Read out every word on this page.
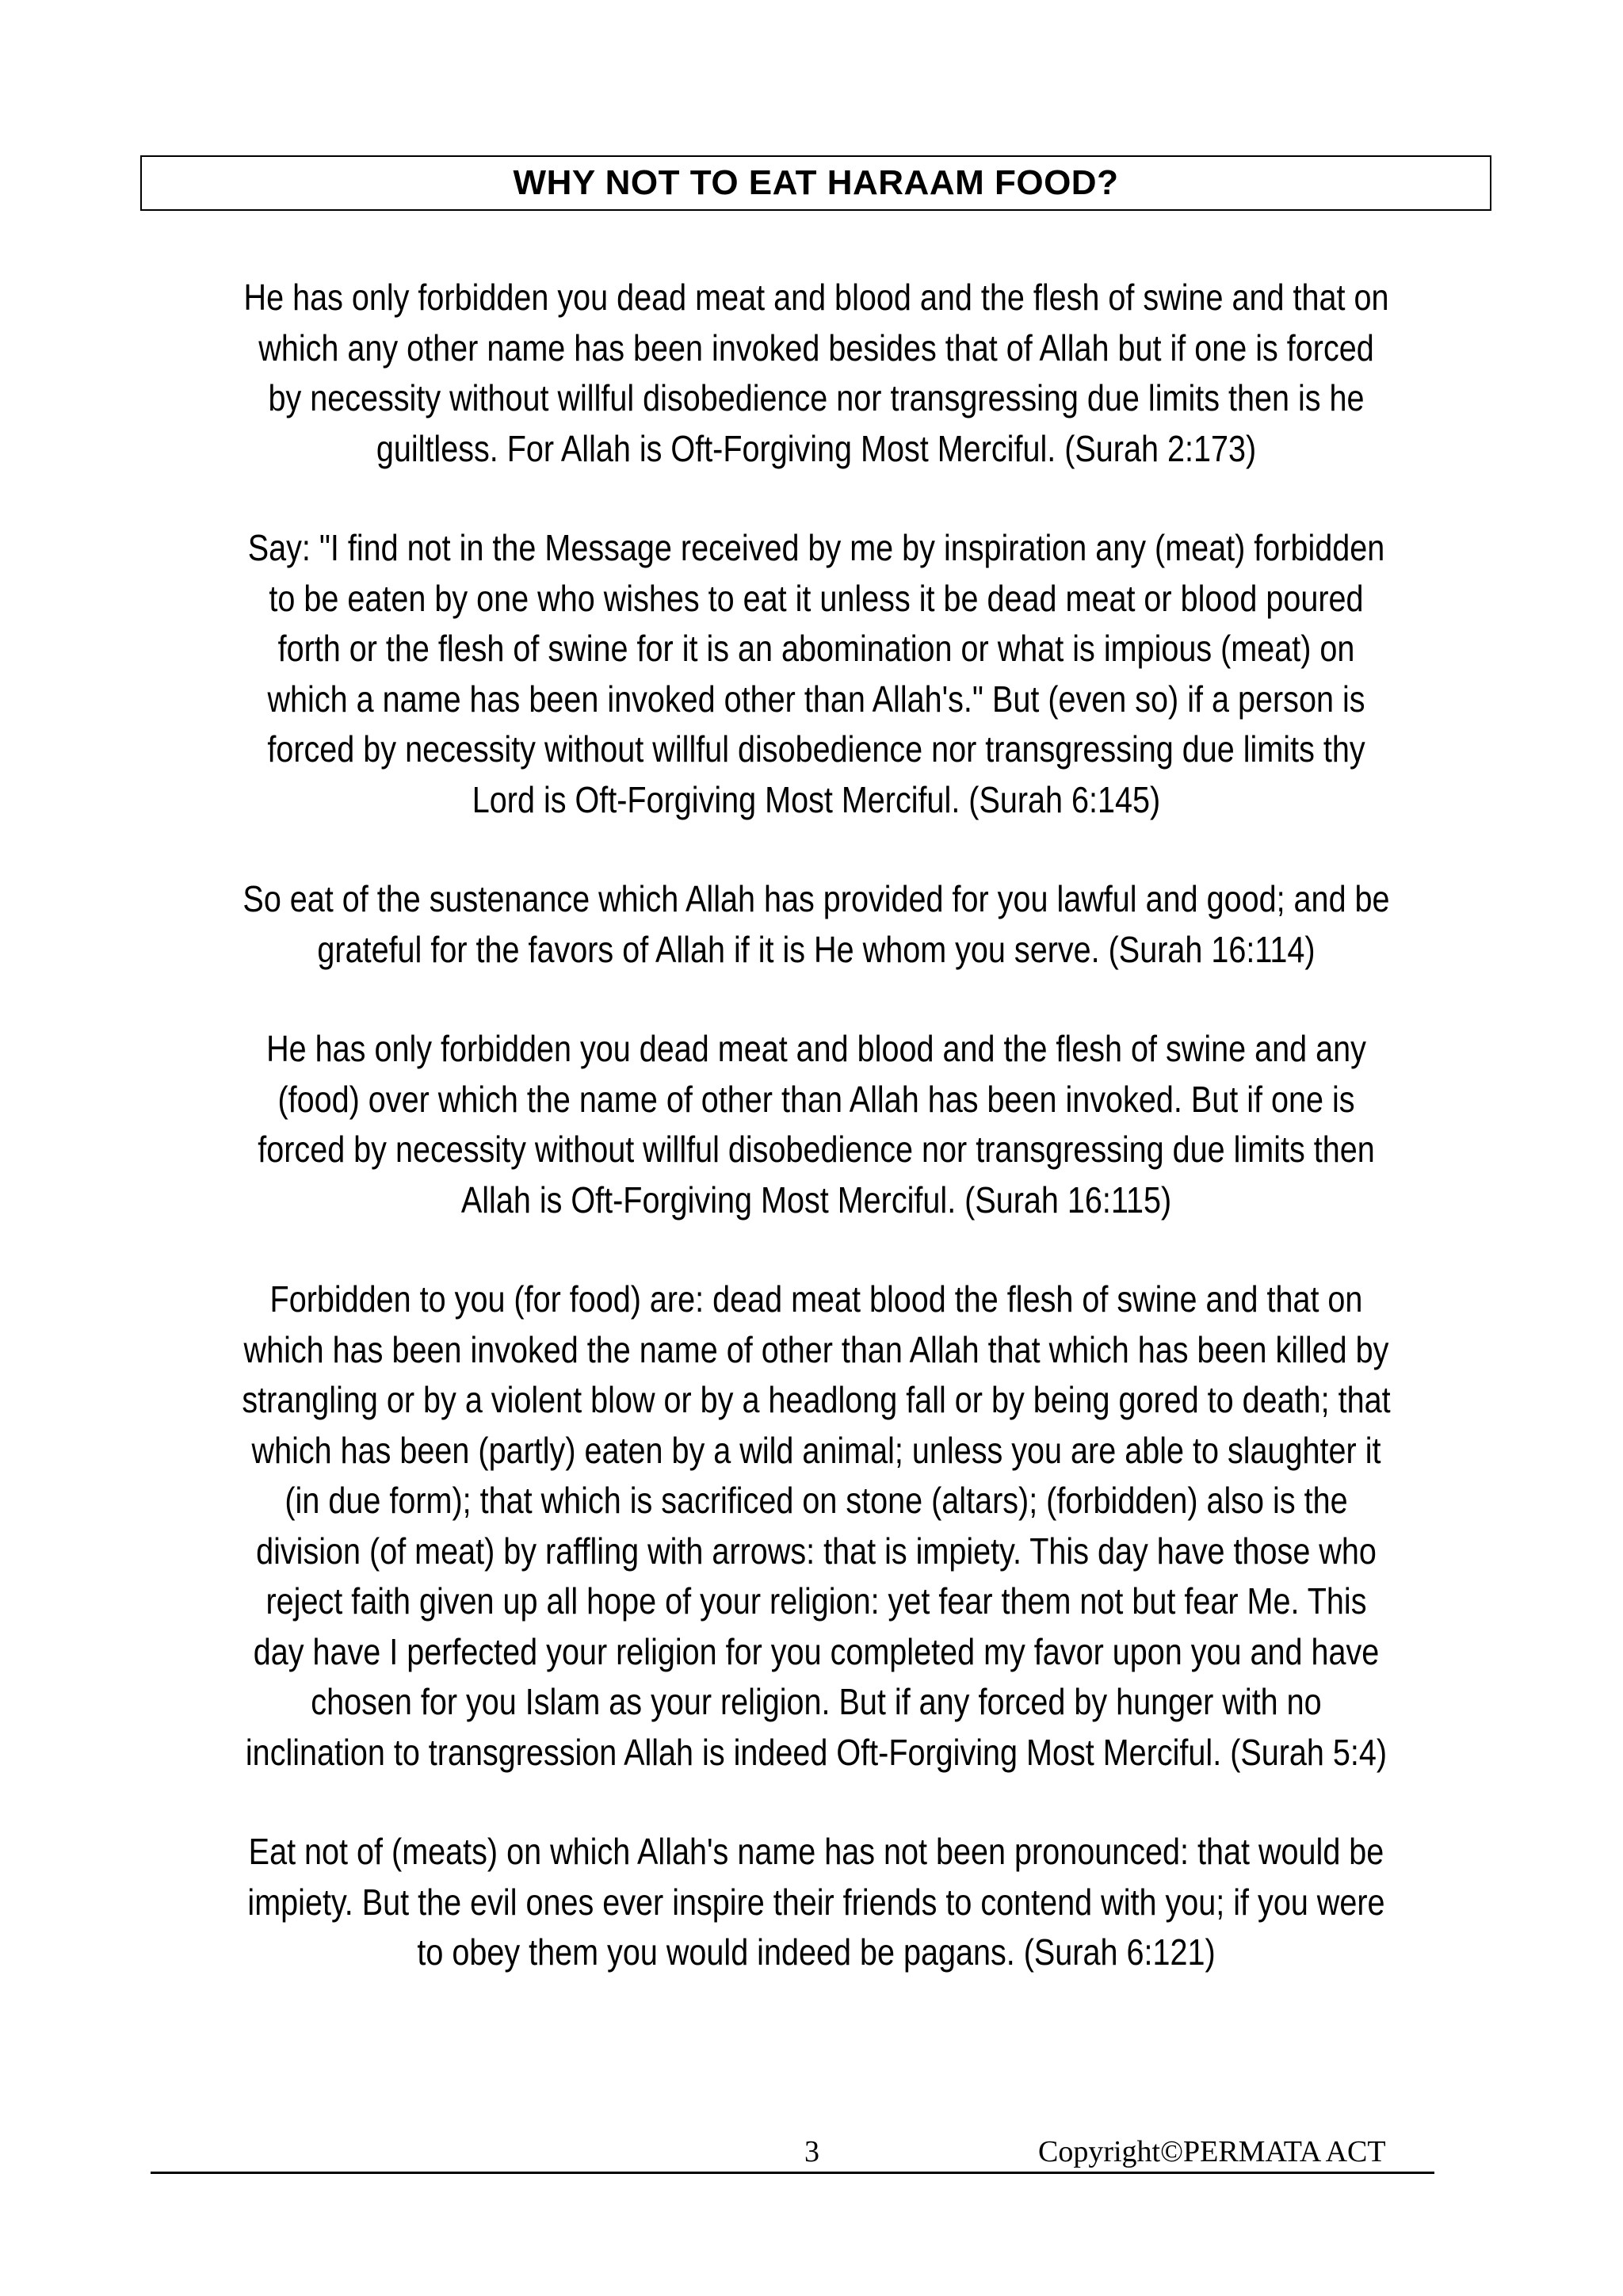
WHY NOT TO EAT HARAAM FOOD?

He has only forbidden you dead meat and blood and the flesh of swine and that on
which any other name has been invoked besides that of Allah but if one is forced
by necessity without willful disobedience nor transgressing due limits then is he
guiltless. For Allah is Oft-Forgiving Most Merciful. (Surah 2:173)

Say: "I find not in the Message received by me by inspiration any (meat) forbidden
to be eaten by one who wishes to eat it unless it be dead meat or blood poured
forth or the flesh of swine for it is an abomination or what is impious (meat) on
which a name has been invoked other than Allah's." But (even so) if a person is
forced by necessity without willful disobedience nor transgressing due limits thy
Lord is Oft-Forgiving Most Merciful. (Surah 6:145)

So eat of the sustenance which Allah has provided for you lawful and good; and be
grateful for the favors of Allah if it is He whom you serve. (Surah 16:114)

He has only forbidden you dead meat and blood and the flesh of swine and any
(food) over which the name of other than Allah has been invoked. But if one is
forced by necessity without willful disobedience nor transgressing due limits then
Allah is Oft-Forgiving Most Merciful. (Surah 16:115)

Forbidden to you (for food) are: dead meat blood the flesh of swine and that on
which has been invoked the name of other than Allah that which has been killed by
strangling or by a violent blow or by a headlong fall or by being gored to death; that
which has been (partly) eaten by a wild animal; unless you are able to slaughter it
(in due form); that which is sacrificed on stone (altars); (forbidden) also is the
division (of meat) by raffling with arrows: that is impiety. This day have those who
reject faith given up all hope of your religion: yet fear them not but fear Me. This
day have I perfected your religion for you completed my favor upon you and have
chosen for you Islam as your religion. But if any forced by hunger with no
inclination to transgression Allah is indeed Oft-Forgiving Most Merciful. (Surah 5:4)

Eat not of (meats) on which Allah's name has not been pronounced: that would be
impiety. But the evil ones ever inspire their friends to contend with you; if you were
to obey them you would indeed be pagans. (Surah 6:121)

3	Copyright©PERMATA ACT
